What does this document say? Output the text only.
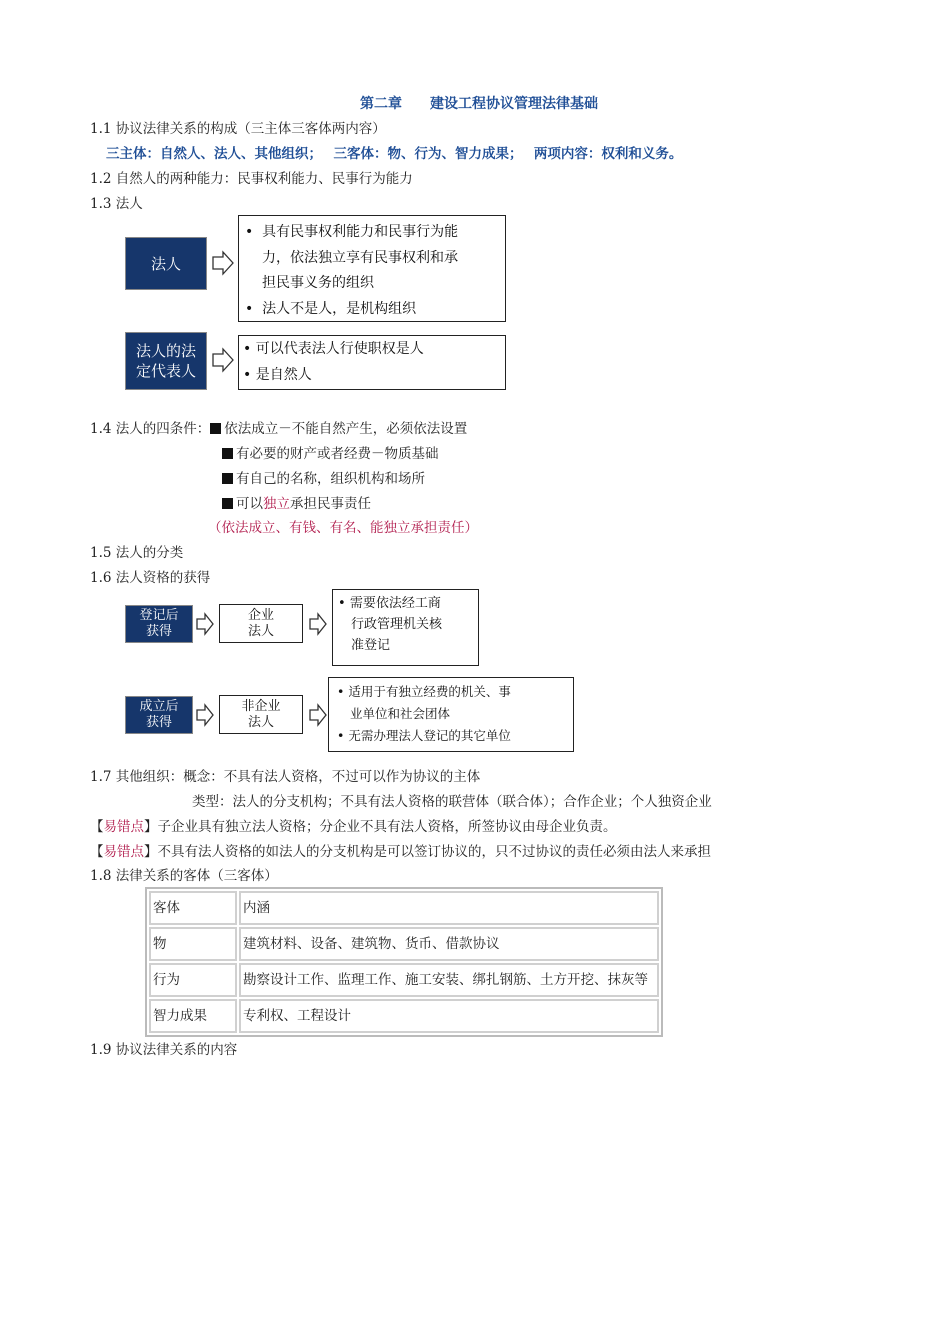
第二章　　建设工程协议管理法律基础
1.1 协议法律关系的构成（三主体三客体两内容）
三主体：自然人、法人、其他组织；　 三客体：物、行为、智力成果；　 两项内容：权利和义务。
1.2 自然人的两种能力：民事权利能力、民事行为能力
1.3 法人
法人
•  具有民事权利能力和民事行为能
力，依法独立享有民事权利和承
担民事义务的组织
•  法人不是人，是机构组织
法人的法
定代表人
• 可以代表法人行使职权是人
• 是自然人
1.4 法人的四条件： 依法成立－不能自然产生，必须依法设置
有必要的财产或者经费－物质基础
有自己的名称，组织机构和场所
可以独立承担民事责任
（依法成立、有钱、有名、能独立承担责任）
1.5 法人的分类
1.6 法人资格的获得
登记后
获得
企业
法人
• 需要依法经工商
行政管理机关核
准登记
成立后
获得
非企业
法人
• 适用于有独立经费的机关、事
业单位和社会团体
• 无需办理法人登记的其它单位
1.7 其他组织：概念：不具有法人资格，不过可以作为协议的主体
类型：法人的分支机构；不具有法人资格的联营体（联合体）；合作企业；个人独资企业
【易错点】子企业具有独立法人资格；分企业不具有法人资格，所签协议由母企业负责。
【易错点】不具有法人资格的如法人的分支机构是可以签订协议的，只不过协议的责任必须由法人来承担
1.8 法律关系的客体（三客体）
客体	内涵
物	建筑材料、设备、建筑物、货币、借款协议
行为	勘察设计工作、监理工作、施工安装、绑扎钢筋、土方开挖、抹灰等
智力成果	专利权、工程设计
1.9 协议法律关系的内容
